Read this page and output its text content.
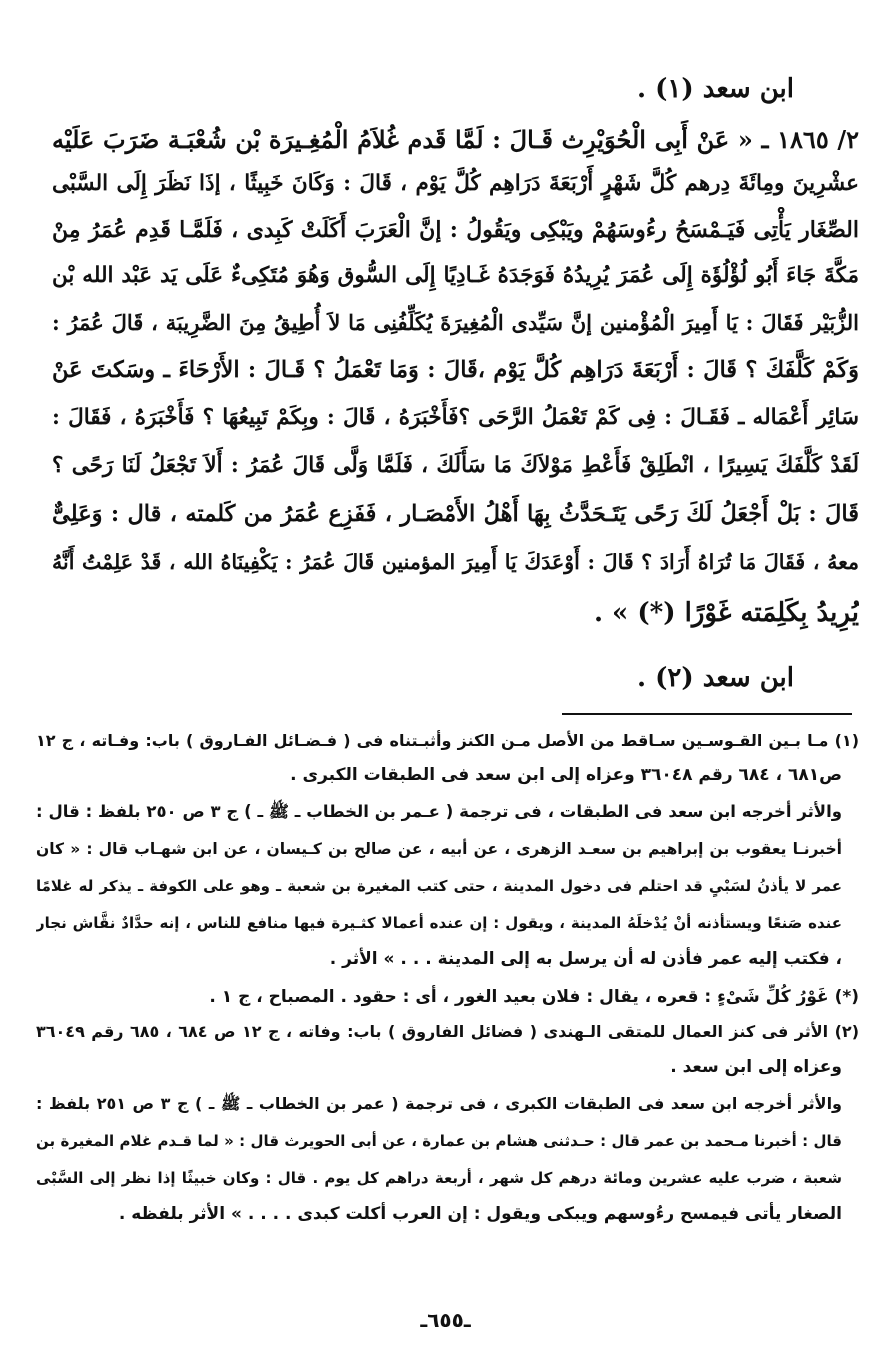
ابن سعد (١) .
٢/ ١٨٦٥ ـ « عَنْ أَبِى الْحُوَيْرِث قَـالَ : لَمَّا قَدم غُلاَمُ الْمُغِـيرَة بْن شُعْبَـة ضَرَبَ عَلَيْه
عشْرِينَ ومِائَةَ دِرهم كُلَّ شَهْرٍ أَرْبَعَةَ دَرَاهِم كُلَّ يَوْم ، قَالَ : وَكَانَ خَبِيثًا ، إذَا نَظَرَ إِلَى السَّبْى
الصِّغَار يَأْتِى فَيَـمْسَحُ رءُوسَهُمْ ويَبْكِى ويَقُولُ : إنَّ الْعَرَبَ أَكَلَتْ كَبِدى ، فَلَمَّـا قَدِم عُمَرُ مِنْ
مَكَّةَ جَاءَ أَبُو لُؤْلُؤَة إِلَى عُمَرَ يُرِيدُهُ فَوَجَدَهُ غَـادِيًا إِلَى السُّوق وَهُوَ مُتَكِىءٌ عَلَى يَد عَبْد الله بْن
الزُّبَيْر فَقَالَ : يَا أَمِيرَ الْمُؤْمنين إنَّ سَيِّدى الْمُغِيرَةَ يُكَلِّفُنِى مَا لاَ أُطِيقُ مِنَ الضَّرِيبَة ، قَالَ عُمَرُ :
وَكَمْ كَلَّفَكَ ؟ قَالَ : أَرْبَعَةَ دَرَاهِم كُلَّ يَوْم ،قَالَ : وَمَا تَعْمَلُ ؟ قَـالَ : الأَرْحَاءَ ـ وسَكتَ عَنْ
سَائِر أَعْمَاله ـ فَقَـالَ : فِى كَمْ تَعْمَلُ الرَّحَى ؟فَأَخْبَرَهُ ، قَالَ : وبِكَمْ تَبِيعُهَا ؟ فَأَخْبَرَهُ ، فَقَالَ :
لَقَدْ كَلَّفَكَ يَسِيرًا ، انْطَلِقْ فَأَعْطِ مَوْلاَكَ مَا سَأَلَكَ ، فَلَمَّا وَلَّى قَالَ عُمَرُ : أَلاَ تَجْعَلُ لَنَا رَحًى ؟
قَالَ : بَلْ أَجْعَلُ لَكَ رَحًى يَتَـحَدَّثُ بِهَا أَهْلُ الأَمْصَـار ، فَفَزِع عُمَرُ من كَلمته ، قال : وَعَلِىٌّ
معهُ ، فَقَالَ مَا تُرَاهُ أَرَادَ ؟ قَالَ : أَوْعَدَكَ يَا أَمِيرَ المؤمنين قَالَ عُمَرُ : يَكْفِينَاهُ الله ، قَدْ عَلِمْتُ أَنَّهُ
يُرِيدُ بِكَلِمَته غَوْرًا (*) » .
ابن سعد (٢) .
(١) مـا بـين القـوسـين سـاقط من الأصل مـن الكنز وأثبـتناه فى ( فـضـائل الفـاروق ) باب: وفـاته ، ج ١٢
ص٦٨١ ، ٦٨٤ رقم ٣٦٠٤٨ وعزاه إلى ابن سعد فى الطبقات الكبرى .
والأثر أخرجه ابن سعد فى الطبقات ، فى ترجمة ( عـمر بن الخطاب ـ ﷺ ـ ) ج ٣ ص ٢٥٠ بلفظ : قال :
أخبرنـا يعقوب بن إبراهيم بن سعـد الزهرى ، عن أبيه ، عن صالح بن كـيسان ، عن ابن شهـاب قال : « كان
عمر لا يأذنُ لسَبْىٍ قد احتلم فى دخول المدينة ، حتى كتب المغيرة بن شعبة ـ وهو على الكوفة ـ يذكر له غلامًا
عنده صَنعًا ويستأذنه أنْ يُدْخلَهُ المدينة ، ويقول : إن عنده أعمالا كثـيرة فيها منافع للناس ، إنه حدَّادٌ نقَّاش نجار
، فكتب إليه عمر فأذن له أن يرسل به إلى المدينة . . . » الأثر .
(*) غَوْرُ كُلِّ شَىْءٍ : قعره ، يقال : فلان بعيد الغور ، أى : حقود . المصباح ، ج ١ .
(٢) الأثر فى كنز العمال للمتقى الـهندى ( فضائل الفاروق ) باب: وفاته ، ج ١٢ ص ٦٨٤ ، ٦٨٥ رقم ٣٦٠٤٩
وعزاه إلى ابن سعد .
والأثر أخرجه ابن سعد فى الطبقات الكبرى ، فى ترجمة ( عمر بن الخطاب ـ ﷺ ـ ) ج ٣ ص ٢٥١ بلفظ :
قال : أخبرنا مـحمد بن عمر قال : حـدثنى هشام بن عمارة ، عن أبى الحويرث قال : « لما قـدم غلام المغيرة بن
شعبة ، ضرب عليه عشرين ومائة درهم كل شهر ، أربعة دراهم كل يوم . قال : وكان خبيثًا إذا نظر إلى السَّبْى
الصغار يأتى فيمسح رءُوسهم ويبكى ويقول : إن العرب أكلت كبدى . . . . » الأثر بلفظه .
ـ٦٥٥ـ
